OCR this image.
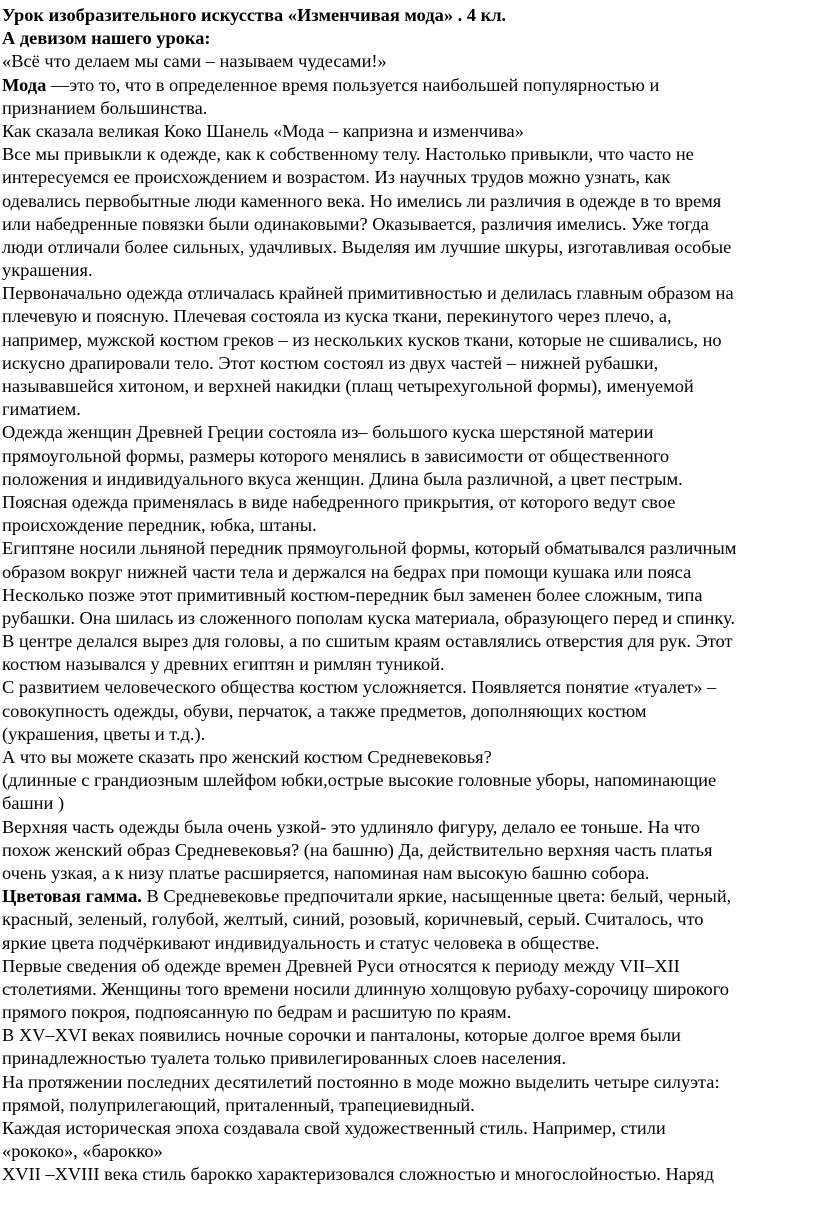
Урок изобразительного искусства «Изменчивая мода» . 4 кл.
А девизом нашего урока:
«Всё что делаем мы сами – называем чудесами!»
Мода —это то, что в определенное время пользуется наибольшей популярностью и
признанием большинства.
Как сказала великая Коко Шанель «Мода – капризна и изменчива»
Все мы привыкли к одежде, как к собственному телу. Настолько привыкли, что часто не
интересуемся ее происхождением и возрастом. Из научных трудов можно узнать, как
одевались первобытные люди каменного века. Но имелись ли различия в одежде в то время
или набедренные повязки были одинаковыми? Оказывается, различия имелись. Уже тогда
люди отличали более сильных, удачливых. Выделяя им лучшие шкуры, изготавливая особые
украшения.
Первоначально одежда отличалась крайней примитивностью и делилась главным образом на
плечевую и поясную. Плечевая состояла из куска ткани, перекинутого через плечо, а,
например, мужской костюм греков – из нескольких кусков ткани, которые не сшивались, но
искусно драпировали тело. Этот костюм состоял из двух частей – нижней рубашки,
называвшейся хитоном, и верхней накидки (плащ четырехугольной формы), именуемой
гиматием.
Одежда женщин Древней Греции состояла из– большого куска шерстяной материи
прямоугольной формы, размеры которого менялись в зависимости от общественного
положения и индивидуального вкуса женщин. Длина была различной, а цвет пестрым.
Поясная одежда применялась в виде набедренного прикрытия, от которого ведут свое
происхождение передник, юбка, штаны.
Египтяне носили льняной передник прямоугольной формы, который обматывался различным
образом вокруг нижней части тела и держался на бедрах при помощи кушака или пояса
Несколько позже этот примитивный костюм-передник был заменен более сложным, типа
рубашки. Она шилась из сложенного пополам куска материала, образующего перед и спинку.
В центре делался вырез для головы, а по сшитым краям оставлялись отверстия для рук. Этот
костюм назывался у древних египтян и римлян туникой.
С развитием человеческого общества костюм усложняется. Появляется понятие «туалет» –
совокупность одежды, обуви, перчаток, а также предметов, дополняющих костюм
(украшения, цветы и т.д.).
А что вы можете сказать про женский костюм Средневековья?
(длинные с грандиозным шлейфом юбки,острые высокие головные уборы, напоминающие
башни )
Верхняя часть одежды была очень узкой- это удлиняло фигуру, делало ее тоньше. На что
похож женский образ Средневековья? (на башню) Да, действительно верхняя часть платья
очень узкая, а к низу платье расширяется, напоминая нам высокую башню собора.
Цветовая гамма. В Средневековье предпочитали яркие, насыщенные цвета: белый, черный,
красный, зеленый, голубой, желтый, синий, розовый, коричневый, серый. Считалось, что
яркие цвета подчёркивают индивидуальность и статус человека в обществе.
Первые сведения об одежде времен Древней Руси относятся к периоду между VII–XII
столетиями. Женщины того времени носили длинную холщовую рубаху-сорочицу широкого
прямого покроя, подпоясанную по бедрам и расшитую по краям.
В XV–XVI веках появились ночные сорочки и панталоны, которые долгое время были
принадлежностью туалета только привилегированных слоев населения.
На протяжении последних десятилетий постоянно в моде можно выделить четыре силуэта:
прямой, полуприлегающий, приталенный, трапециевидный.
Каждая историческая эпоха создавала свой художественный стиль. Например, стили
«рококо», «барокко»
XVII –XVIII века стиль барокко характеризовался сложностью и многослойностью. Наряд
